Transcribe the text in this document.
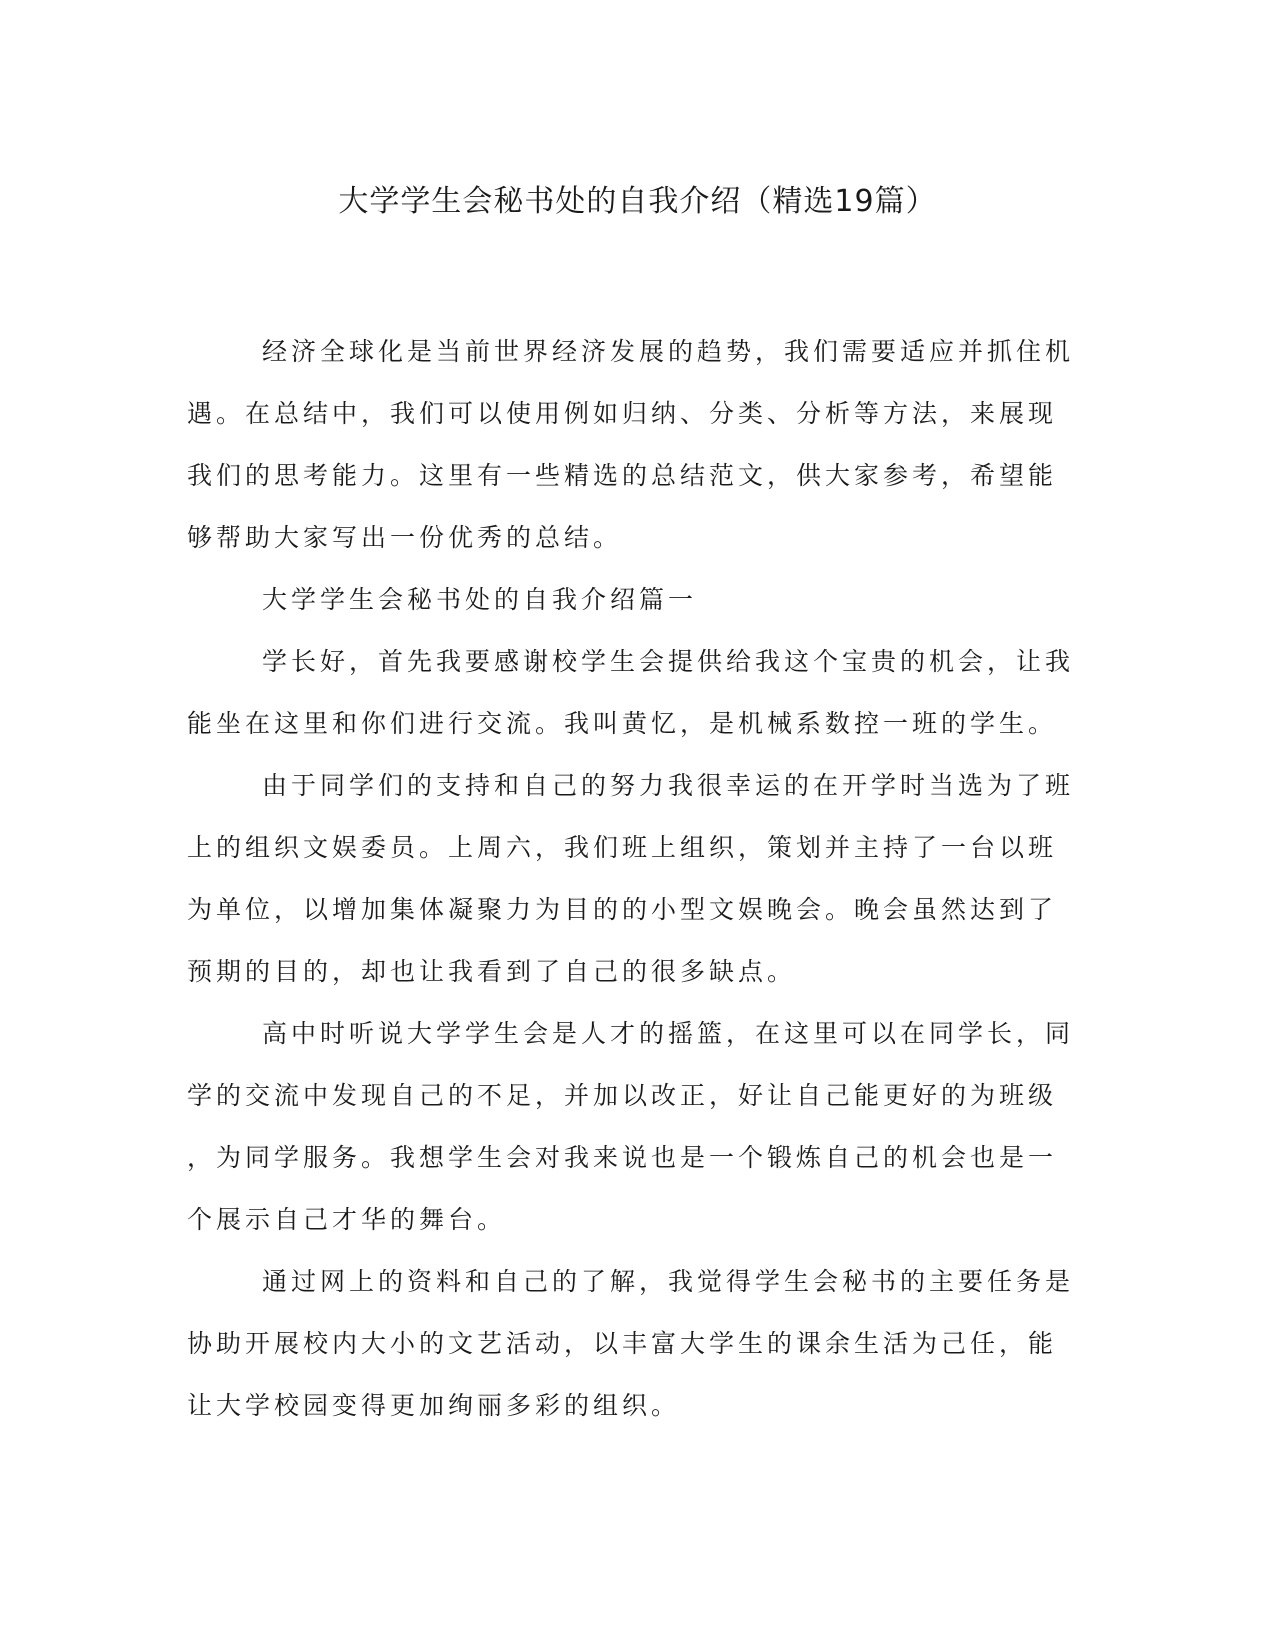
大学学生会秘书处的自我介绍（精选19篇）

经济全球化是当前世界经济发展的趋势，我们需要适应并抓住机
遇。在总结中，我们可以使用例如归纳、分类、分析等方法，来展现
我们的思考能力。这里有一些精选的总结范文，供大家参考，希望能
够帮助大家写出一份优秀的总结。

大学学生会秘书处的自我介绍篇一

学长好，首先我要感谢校学生会提供给我这个宝贵的机会，让我
能坐在这里和你们进行交流。我叫黄忆，是机械系数控一班的学生。

由于同学们的支持和自己的努力我很幸运的在开学时当选为了班
上的组织文娱委员。上周六，我们班上组织，策划并主持了一台以班
为单位，以增加集体凝聚力为目的的小型文娱晚会。晚会虽然达到了
预期的目的，却也让我看到了自己的很多缺点。

高中时听说大学学生会是人才的摇篮，在这里可以在同学长，同
学的交流中发现自己的不足，并加以改正，好让自己能更好的为班级
，为同学服务。我想学生会对我来说也是一个锻炼自己的机会也是一
个展示自己才华的舞台。

通过网上的资料和自己的了解，我觉得学生会秘书的主要任务是
协助开展校内大小的文艺活动，以丰富大学生的课余生活为己任，能
让大学校园变得更加绚丽多彩的组织。
